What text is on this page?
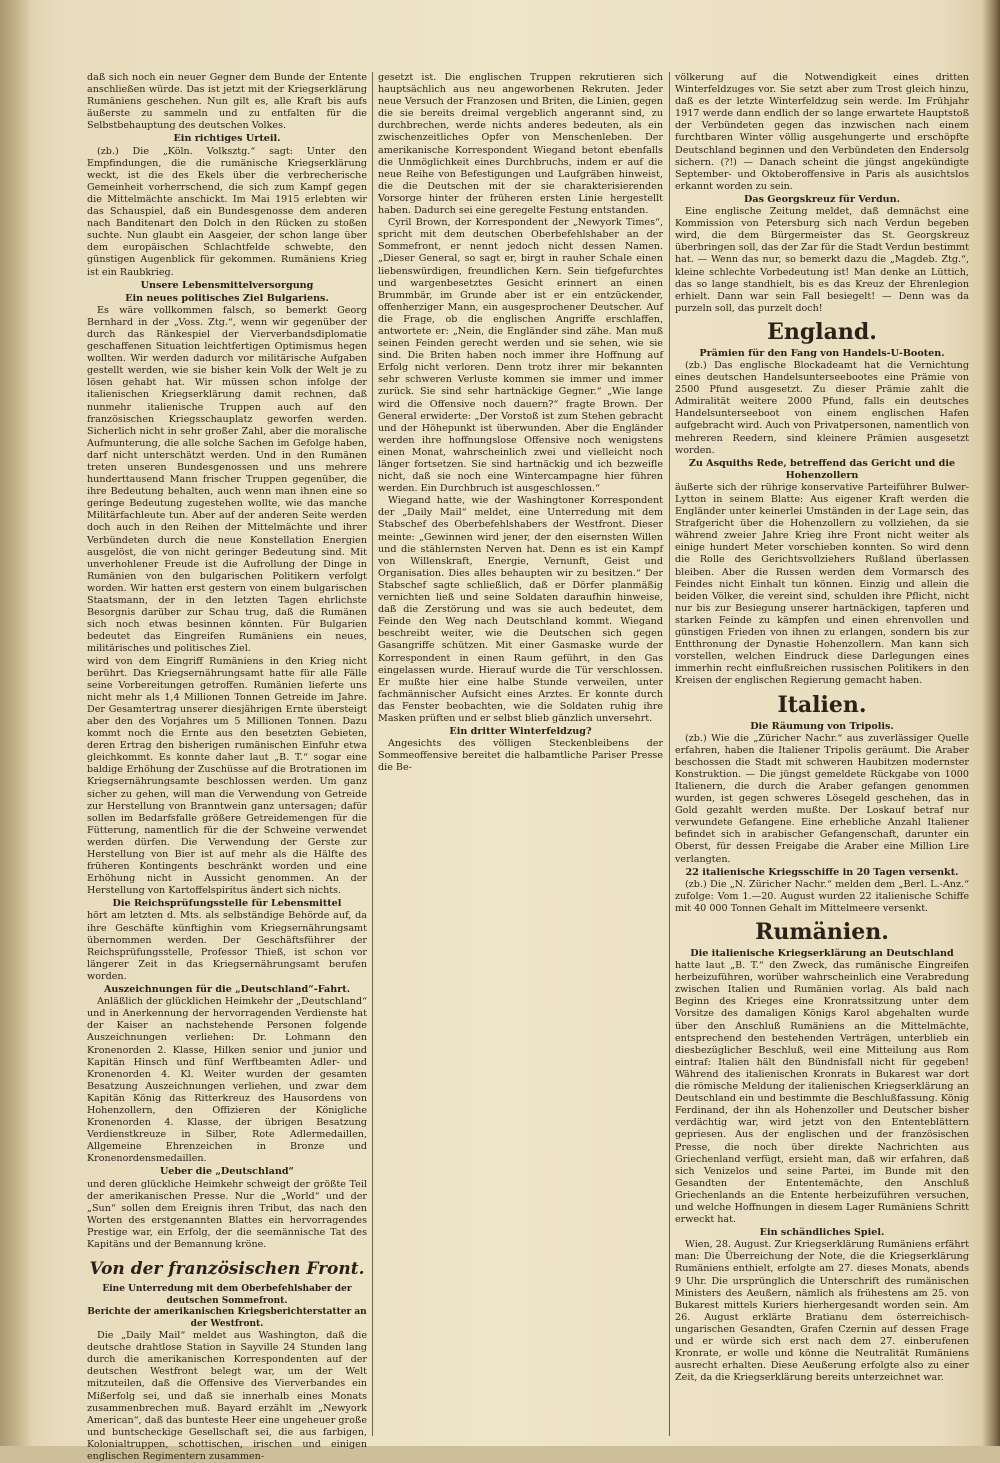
daß sich noch ein neuer Gegner dem Bunde der Entente anschließen würde. Das ist jetzt mit der Kriegserklärung Rumäniens geschehen. Nun gilt es, alle Kraft bis aufs äußerste zu sammeln und zu entfalten für die Selbstbehauptung des deutschen Volkes.

Ein richtiges Urteil.

(zb.) Die „Köln. Volksztg.“ sagt: Unter den Empfindungen, die die rumänische Kriegserklärung weckt, ist die des Ekels über die verbrecherische Gemeinheit vorherrschend, die sich zum Kampf gegen die Mittelmächte anschickt. Im Mai 1915 erlebten wir das Schauspiel, daß ein Bundesgenosse dem anderen nach Banditenart den Dolch in den Rücken zu stoßen suchte. Nun glaubt ein Aasgeier, der schon lange über dem europäischen Schlachtfelde schwebte, den günstigen Augenblick für gekommen. Rumäniens Krieg ist ein Raubkrieg.

Unsere Lebensmittelversorgung
Ein neues politisches Ziel Bulgariens.

Es wäre vollkommen falsch, so bemerkt Georg Bernhard in der „Voss. Ztg.“, wenn wir gegenüber der durch das Ränkespiel der Vierverbandsdiplomatie geschaffenen Situation leichtfertigen Optimismus hegen wollten. Wir werden dadurch vor militärische Aufgaben gestellt werden, wie sie bisher kein Volk der Welt je zu lösen gehabt hat. Wir müssen schon infolge der italienischen Kriegserklärung damit rechnen, daß nunmehr italienische Truppen auch auf den französischen Kriegsschauplatz geworfen werden. Sicherlich nicht in sehr großer Zahl, aber die moralische Aufmunterung, die alle solche Sachen im Gefolge haben, darf nicht unterschätzt werden. Und in den Rumänen treten unseren Bundesgenossen und uns mehrere hunderttausend Mann frischer Truppen gegenüber, die ihre Bedeutung behalten, auch wenn man ihnen eine so geringe Bedeutung zugestehen wollte, wie das manche Militärfachleute tun. Aber auf der anderen Seite werden doch auch in den Reihen der Mittelmächte und ihrer Verbündeten durch die neue Konstellation Energien ausgelöst, die von nicht geringer Bedeutung sind. Mit unverhohlener Freude ist die Aufrollung der Dinge in Rumänien von den bulgarischen Politikern verfolgt worden. Wir hatten erst gestern von einem bulgarischen Staatsmann, der in den letzten Tagen ehrlichste Besorgnis darüber zur Schau trug, daß die Rumänen sich noch etwas besinnen könnten. Für Bulgarien bedeutet das Eingreifen Rumäniens ein neues, militärisches und politisches Ziel.

wird von dem Eingriff Rumäniens in den Krieg nicht berührt. Das Kriegsernährungsamt hatte für alle Fälle seine Vorbereitungen getroffen. Rumänien lieferte uns nicht mehr als 1,4 Millionen Tonnen Getreide im Jahre. Der Gesamtertrag unserer diesjährigen Ernte übersteigt aber den des Vorjahres um 5 Millionen Tonnen. Dazu kommt noch die Ernte aus den besetzten Gebieten, deren Ertrag den bisherigen rumänischen Einfuhr etwa gleichkommt. Es konnte daher laut „B. T.“ sogar eine baldige Erhöhung der Zuschüsse auf die Brotrationen im Kriegsernährungsamte beschlossen werden. Um ganz sicher zu gehen, will man die Verwendung von Getreide zur Herstellung von Branntwein ganz untersagen; dafür sollen im Bedarfsfalle größere Getreidemengen für die Fütterung, namentlich für die der Schweine verwendet werden dürfen. Die Verwendung der Gerste zur Herstellung von Bier ist auf mehr als die Hälfte des früheren Kontingents beschränkt worden und eine Erhöhung nicht in Aussicht genommen. An der Herstellung von Kartoffelspiritus ändert sich nichts.

Die Reichsprüfungsstelle für Lebensmittel

hört am letzten d. Mts. als selbständige Behörde auf, da ihre Geschäfte künftighin vom Kriegsernährungsamt übernommen werden. Der Geschäftsführer der Reichsprüfungsstelle, Professor Thieß, ist schon vor längerer Zeit in das Kriegsernährungsamt berufen worden.

Auszeichnungen für die „Deutschland“-Fahrt.

Anläßlich der glücklichen Heimkehr der „Deutschland“ und in Anerkennung der hervorragenden Verdienste hat der Kaiser an nachstehende Personen folgende Auszeichnungen verliehen: Dr. Lohmann den Kronenorden 2. Klasse, Hilken senior und junior und Kapitän Hinsch und fünf Werftbeamten Adler- und Kronenorden 4. Kl. Weiter wurden der gesamten Besatzung Auszeichnungen verliehen, und zwar dem Kapitän König das Ritterkreuz des Hausordens von Hohenzollern, den Offizieren der Königliche Kronenorden 4. Klasse, der übrigen Besatzung Verdienstkreuze in Silber, Rote Adlermedaillen, Allgemeine Ehrenzeichen in Bronze und Kronenordensmedaillen.

Ueber die „Deutschland“

und deren glückliche Heimkehr schweigt der größte Teil der amerikanischen Presse. Nur die „World“ und der „Sun“ sollen dem Ereignis ihren Tribut, das nach den Worten des erstgenannten Blattes ein hervorragendes Prestige war, ein Erfolg, der die seemännische Tat des Kapitäns und der Bemannung kröne.

Von der französischen Front.
Eine Unterredung mit dem Oberbefehlshaber der deutschen Sommefront.
Berichte der amerikanischen Kriegsberichterstatter an der Westfront.

Die „Daily Mail“ meldet aus Washington, daß die deutsche drahtlose Station in Sayville 24 Stunden lang durch die amerikanischen Korrespondenten auf der deutschen Westfront belegt war, um der Welt mitzuteilen, daß die Offensive des Vierverbandes ein Mißerfolg sei, und daß sie innerhalb eines Monats zusammenbrechen muß. Bayard erzählt im „Newyork American“, daß das bunteste Heer eine ungeheuer große und buntscheckige Gesellschaft sei, die aus farbigen, Kolonialtruppen, schottischen, irischen und einigen englischen Regimentern zusammen-

gesetzt ist. Die englischen Truppen rekrutieren sich hauptsächlich aus neu angeworbenen Rekruten. Jeder neue Versuch der Franzosen und Briten, die Linien, gegen die sie bereits dreimal vergeblich angerannt sind, zu durchbrechen, werde nichts anderes bedeuten, als ein zwischenzeitliches Opfer von Menschenleben. Der amerikanische Korrespondent Wiegand betont ebenfalls die Unmöglichkeit eines Durchbruchs, indem er auf die neue Reihe von Befestigungen und Laufgräben hinweist, die die Deutschen mit der sie charakterisierenden Vorsorge hinter der früheren ersten Linie hergestellt haben. Dadurch sei eine geregelte Festung entstanden.

Cyril Brown, der Korrespondent der „Newyork Times“, spricht mit dem deutschen Oberbefehlshaber an der Sommefront, er nennt jedoch nicht dessen Namen. „Dieser General, so sagt er, birgt in rauher Schale einen liebenswürdigen, freundlichen Kern. Sein tiefgefurchtes und wargenbesetztes Gesicht erinnert an einen Brummbär, im Grunde aber ist er ein entzückender, offenherziger Mann, ein ausgesprochener Deutscher. Auf die Frage, ob die englischen Angriffe erschlaffen, antwortete er: „Nein, die Engländer sind zähe. Man muß seinen Feinden gerecht werden und sie sehen, wie sie sind. Die Briten haben noch immer ihre Hoffnung auf Erfolg nicht verloren. Denn trotz ihrer mir bekannten sehr schweren Verluste kommen sie immer und immer zurück. Sie sind sehr hartnäckige Gegner.“ „Wie lange wird die Offensive noch dauern?“ fragte Brown. Der General erwiderte: „Der Vorstoß ist zum Stehen gebracht und der Höhepunkt ist überwunden. Aber die Engländer werden ihre hoffnungslose Offensive noch wenigstens einen Monat, wahrscheinlich zwei und vielleicht noch länger fortsetzen. Sie sind hartnäckig und ich bezweifle nicht, daß sie noch eine Wintercampagne hier führen werden. Ein Durchbruch ist ausgeschlossen.“

Wiegand hatte, wie der Washingtoner Korrespondent der „Daily Mail“ meldet, eine Unterredung mit dem Stabschef des Oberbefehlshabers der Westfront. Dieser meinte: „Gewinnen wird jener, der den eisernsten Willen und die stählernsten Nerven hat. Denn es ist ein Kampf von Willenskraft, Energie, Vernunft, Geist und Organisation. Dies alles behaupten wir zu besitzen.“ Der Stabschef sagte schließlich, daß er Dörfer planmäßig vernichten ließ und seine Soldaten daraufhin hinweise, daß die Zerstörung und was sie auch bedeutet, dem Feinde den Weg nach Deutschland kommt. Wiegand beschreibt weiter, wie die Deutschen sich gegen Gasangriffe schützen. Mit einer Gasmaske wurde der Korrespondent in einen Raum geführt, in den Gas eingelassen wurde. Hierauf wurde die Tür verschlossen. Er mußte hier eine halbe Stunde verweilen, unter fachmännischer Aufsicht eines Arztes. Er konnte durch das Fenster beobachten, wie die Soldaten ruhig ihre Masken prüften und er selbst blieb gänzlich unversehrt.

Ein dritter Winterfeldzug?

Angesichts des völligen Steckenbleibens der Sommeoffensive bereitet die halbamtliche Pariser Presse die Be-

völkerung auf die Notwendigkeit eines dritten Winterfeldzuges vor. Sie setzt aber zum Trost gleich hinzu, daß es der letzte Winterfeldzug sein werde. Im Frühjahr 1917 werde dann endlich der so lange erwartete Hauptstoß der Verbündeten gegen das inzwischen nach einem furchtbaren Winter völlig ausgehungerte und erschöpfte Deutschland beginnen und den Verbündeten den Endersolg sichern. (?!) — Danach scheint die jüngst angekündigte September- und Oktoberoffensive in Paris als ausichtslos erkannt worden zu sein.

Das Georgskreuz für Verdun.

Eine englische Zeitung meldet, daß demnächst eine Kommission von Petersburg sich nach Verdun begeben wird, die dem Bürgermeister das St. Georgskreuz überbringen soll, das der Zar für die Stadt Verdun bestimmt hat. — Wenn das nur, so bemerkt dazu die „Magdeb. Ztg.“, kleine schlechte Vorbedeutung ist! Man denke an Lüttich, das so lange standhielt, bis es das Kreuz der Ehrenlegion erhielt. Dann war sein Fall besiegelt! — Denn was da purzeln soll, das purzelt doch!

England.
Prämien für den Fang von Handels-U-Booten.

(zb.) Das englische Blockadeamt hat die Vernichtung eines deutschen Handelsunterseebootes eine Prämie von 2500 Pfund ausgesetzt. Zu dieser Prämie zahlt die Admiralität weitere 2000 Pfund, falls ein deutsches Handelsunterseeboot von einem englischen Hafen aufgebracht wird. Auch von Privatpersonen, namentlich von mehreren Reedern, sind kleinere Prämien ausgesetzt worden.

Zu Asquiths Rede, betreffend das Gericht und die Hohenzollern

äußerte sich der rührige konservative Parteiführer Bulwer-Lytton in seinem Blatte: Aus eigener Kraft werden die Engländer unter keinerlei Umständen in der Lage sein, das Strafgericht über die Hohenzollern zu vollziehen, da sie während zweier Jahre Krieg ihre Front nicht weiter als einige hundert Meter vorschieben konnten. So wird denn die Rolle des Gerichtsvollziehers Rußland überlassen bleiben. Aber die Russen werden dem Vormarsch des Feindes nicht Einhalt tun können. Einzig und allein die beiden Völker, die vereint sind, schulden ihre Pflicht, nicht nur bis zur Besiegung unserer hartnäckigen, tapferen und starken Feinde zu kämpfen und einen ehrenvollen und günstigen Frieden von ihnen zu erlangen, sondern bis zur Entthronung der Dynastie Hohenzollern. Man kann sich vorstellen, welchen Eindruck diese Darlegungen eines immerhin recht einflußreichen russischen Politikers in den Kreisen der englischen Regierung gemacht haben.

Italien.
Die Räumung von Tripolis.

(zb.) Wie die „Züricher Nachr.“ aus zuverlässiger Quelle erfahren, haben die Italiener Tripolis geräumt. Die Araber beschossen die Stadt mit schweren Haubitzen modernster Konstruktion. — Die jüngst gemeldete Rückgabe von 1000 Italienern, die durch die Araber gefangen genommen wurden, ist gegen schweres Lösegeld geschehen, das in Gold gezahlt werden mußte. Der Loskauf betraf nur verwundete Gefangene. Eine erhebliche Anzahl Italiener befindet sich in arabischer Gefangenschaft, darunter ein Oberst, für dessen Freigabe die Araber eine Million Lire verlangten.

22 italienische Kriegsschiffe in 20 Tagen versenkt.

(zb.) Die „N. Züricher Nachr.“ melden dem „Berl. L.-Anz.“ zufolge: Vom 1.—20. August wurden 22 italienische Schiffe mit 40 000 Tonnen Gehalt im Mittelmeere versenkt.

Rumänien.
Die italienische Kriegserklärung an Deutschland

hatte laut „B. T.“ den Zweck, das rumänische Eingreifen herbeizuführen, worüber wahrscheinlich eine Verabredung zwischen Italien und Rumänien vorlag. Als bald nach Beginn des Krieges eine Kronratssitzung unter dem Vorsitze des damaligen Königs Karol abgehalten wurde über den Anschluß Rumäniens an die Mittelmächte, entsprechend den bestehenden Verträgen, unterblieb ein diesbezüglicher Beschluß, weil eine Mitteilung aus Rom eintraf: Italien hält den Bündnisfall nicht für gegeben! Während des italienischen Kronrats in Bukarest war dort die römische Meldung der italienischen Kriegserklärung an Deutschland ein und bestimmte die Beschlußfassung. König Ferdinand, der ihn als Hohenzoller und Deutscher bisher verdächtig war, wird jetzt von den Ententeblättern gepriesen. Aus der englischen und der französischen Presse, die noch über direkte Nachrichten aus Griechenland verfügt, ersieht man, daß wir erfahren, daß sich Venizelos und seine Partei, im Bunde mit den Gesandten der Ententemächte, den Anschluß Griechenlands an die Entente herbeizuführen versuchen, und welche Hoffnungen in diesem Lager Rumäniens Schritt erweckt hat.

Ein schändliches Spiel.

Wien, 28. August. Zur Kriegserklärung Rumäniens erfährt man: Die Überreichung der Note, die die Kriegserklärung Rumäniens enthielt, erfolgte am 27. dieses Monats, abends 9 Uhr. Die ursprünglich die Unterschrift des rumänischen Ministers des Aeußern, nämlich als frühestens am 25. von Bukarest mittels Kuriers hierhergesandt worden sein. Am 26. August erklärte Bratianu dem österreichisch-ungarischen Gesandten, Grafen Czernin auf dessen Frage und er würde sich erst nach dem 27. einberufenen Kronrate, er wolle und könne die Neutralität Rumäniens ausrecht erhalten. Diese Aeußerung erfolgte also zu einer Zeit, da die Kriegserklärung bereits unterzeichnet war.
